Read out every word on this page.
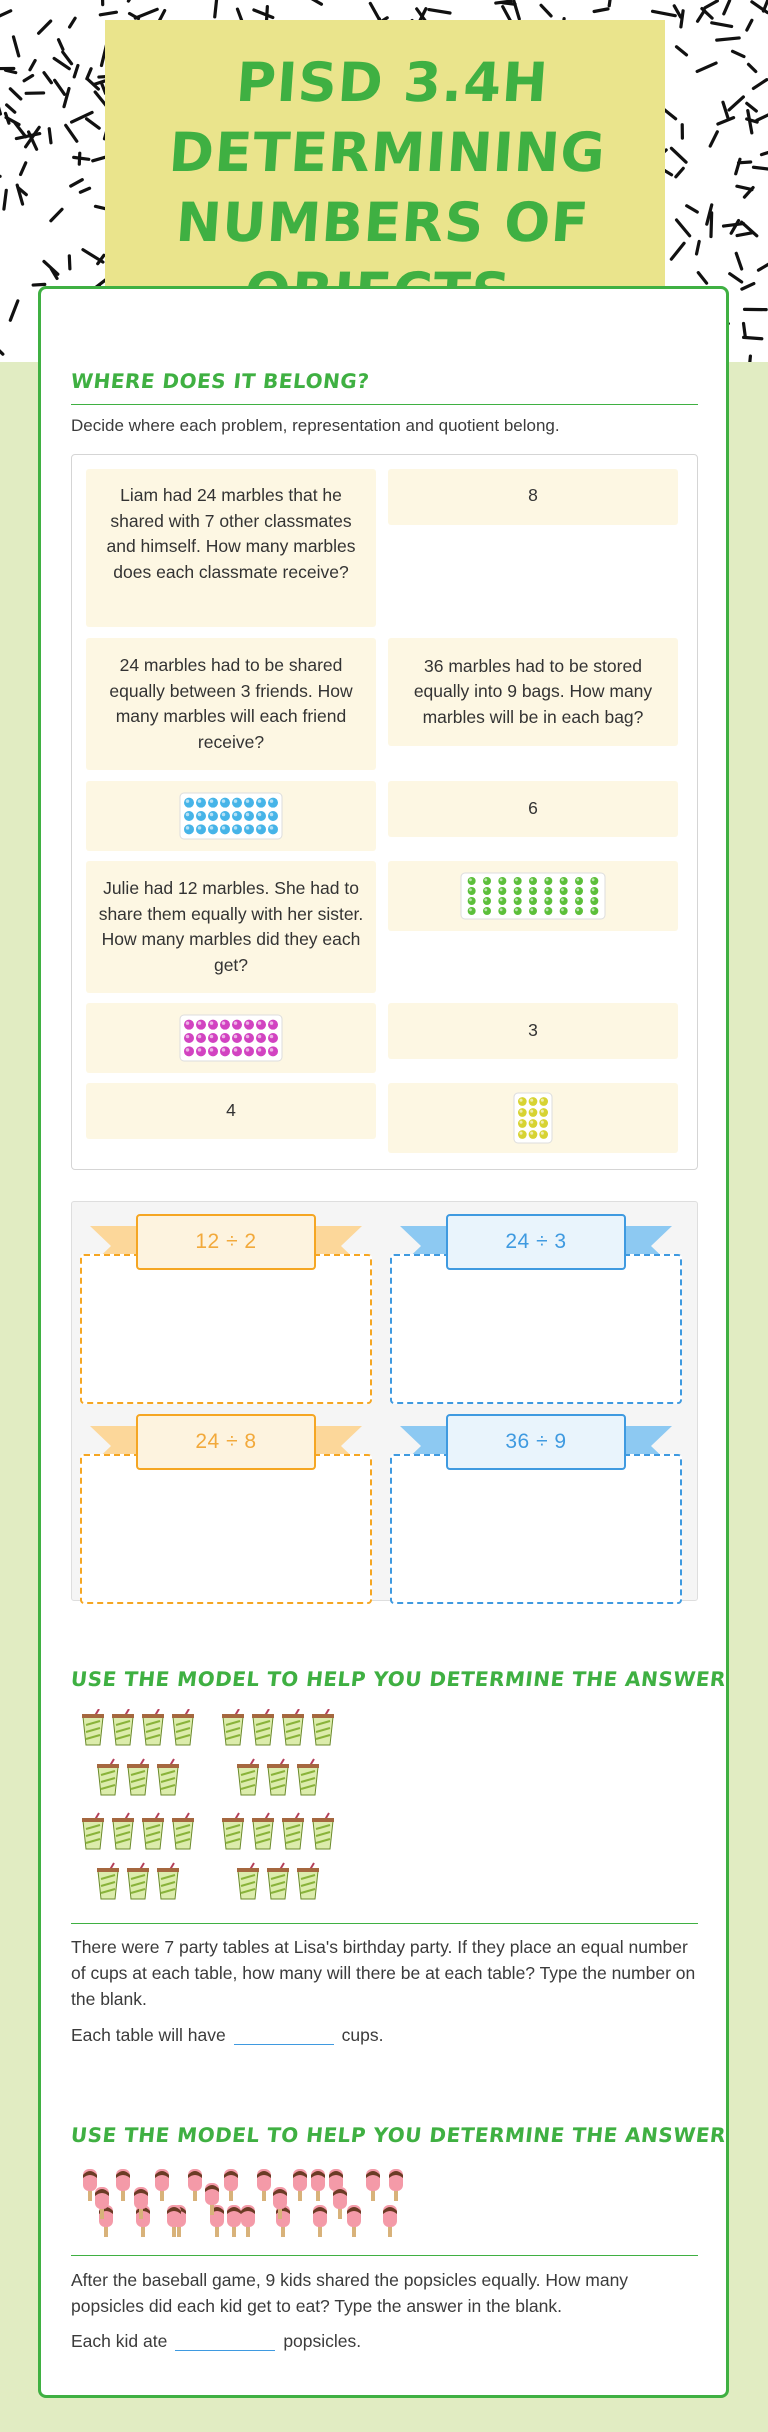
PISD 3.4H DETERMINING NUMBERS OF
WHERE DOES IT BELONG?
Decide where each problem, representation and quotient belong.
Liam had 24 marbles that he shared with 7 other classmates and himself. How many marbles does each classmate receive?
8
24 marbles had to be shared equally between 3 friends. How many marbles will each friend receive?
36 marbles had to be stored equally into 9 bags. How many marbles will be in each bag?
6
Julie had 12 marbles. She had to share them equally with her sister. How many marbles did they each get?
3
4
12 ÷ 2	24 ÷ 3
24 ÷ 8	36 ÷ 9
USE THE MODEL TO HELP YOU DETERMINE THE ANSWER
There were 7 party tables at Lisa's birthday party. If they place an equal number of cups at each table, how many will there be at each table? Type the number on the blank.
Each table will have	cups.
USE THE MODEL TO HELP YOU DETERMINE THE ANSWER
After the baseball game, 9 kids shared the popsicles equally. How many popsicles did each kid get to eat? Type the answer in the blank.
Each kid ate	popsicles.
